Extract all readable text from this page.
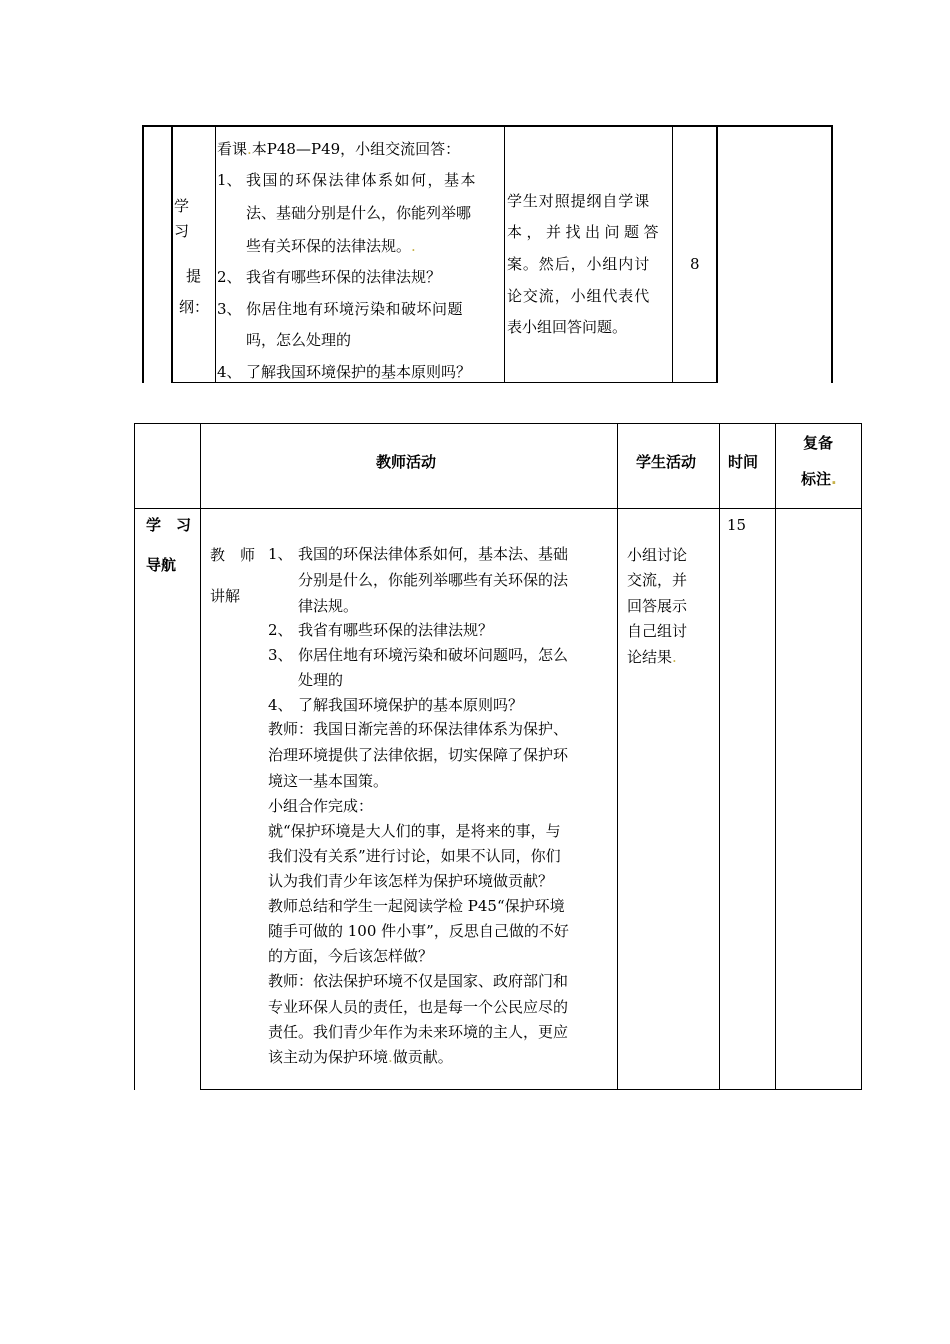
学
习
提
纲：
看课.本P48—P49，小组交流回答：
1、 我国的环保法律体系如何，基本
法、基础分别是什么，你能列举哪
些有关环保的法律法规。.
2、 我省有哪些环保的法律法规？
3、 你居住地有环境污染和破坏问题
吗，怎么处理的
4、 了解我国环境保护的基本原则吗？
学生对照提纲自学课
本，并找出问题答
案。然后，小组内讨
论交流，小组代表代
表小组回答问题。
8
教师活动	学生活动 时间
复备
标注.
学　习
导航
教　师
讲解
1、 我国的环保法律体系如何，基本法、基础
分别是什么，你能列举哪些有关环保的法
律法规。
2、 我省有哪些环保的法律法规？
3、 你居住地有环境污染和破坏问题吗，怎么
处理的
4、 了解我国环境保护的基本原则吗？
教师：我国日渐完善的环保法律体系为保护、
治理环境提供了法律依据，切实保障了保护环
境这一基本国策。
小组合作完成：
就“保护环境是大人们的事，是将来的事，与
我们没有关系”进行讨论，如果不认同，你们
认为我们青少年该怎样为保护环境做贡献？
教师总结和学生一起阅读学检 P45“保护环境
随手可做的 100 件小事”，反思自己做的不好
的方面，今后该怎样做？
教师：依法保护环境不仅是国家、政府部门和
专业环保人员的责任，也是每一个公民应尽的
责任。我们青少年作为未来环境的主人，更应
该主动为保护环境.做贡献。
小组讨论
交流，并
回答展示
自己组讨
论结果.
15
